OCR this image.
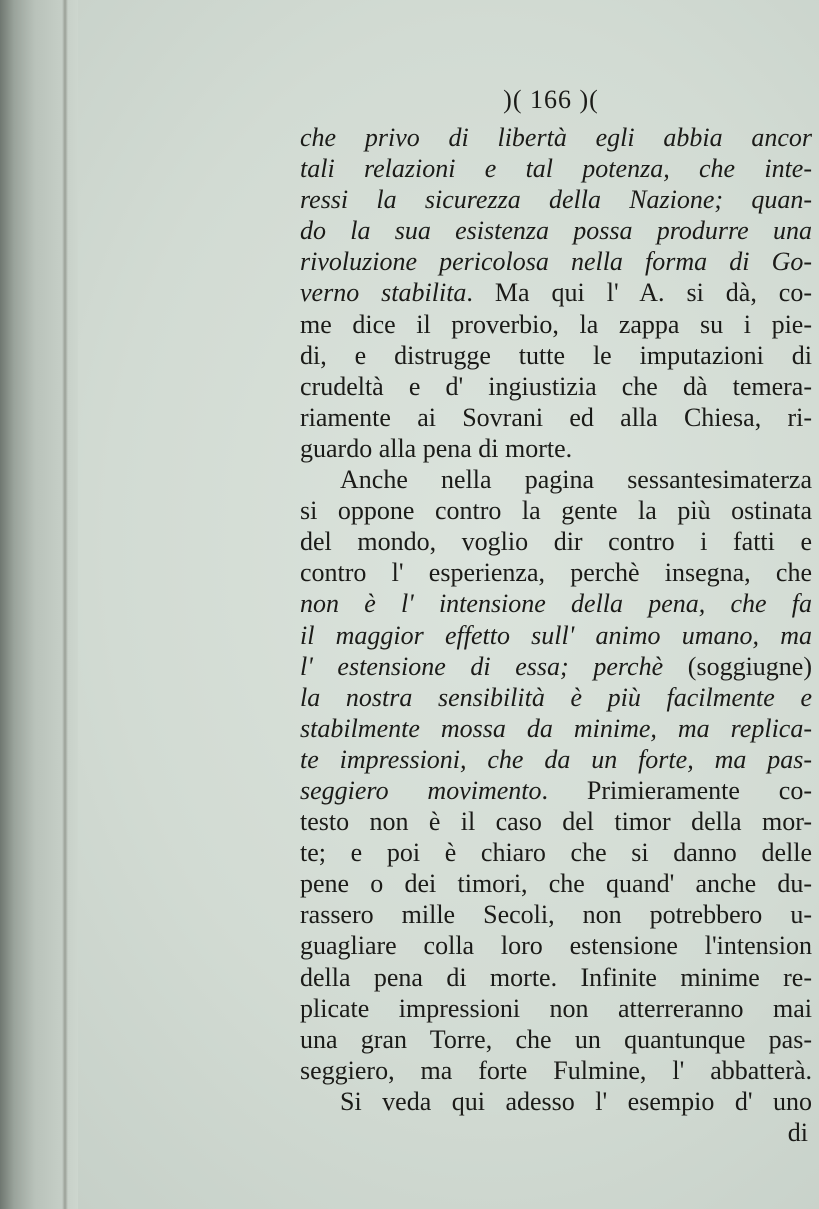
)( 166 )(
che privo di libertà egli abbia ancor
tali relazioni e tal potenza, che inte-
ressi la sicurezza della Nazione; quan-
do la sua esistenza possa produrre una
rivoluzione pericolosa nella forma di Go-
verno stabilita. Ma qui l' A. si dà, co-
me dice il proverbio, la zappa su i pie-
di, e distrugge tutte le imputazioni di
crudeltà e d' ingiustizia che dà temera-
riamente ai Sovrani ed alla Chiesa, ri-
guardo alla pena di morte.
Anche nella pagina sessantesimaterza
si oppone contro la gente la più ostinata
del mondo, voglio dir contro i fatti e
contro l' esperienza, perchè insegna, che
non è l' intensione della pena, che fa
il maggior effetto sull' animo umano, ma
l' estensione di essa; perchè (soggiugne)
la nostra sensibilità è più facilmente e
stabilmente mossa da minime, ma replica-
te impressioni, che da un forte, ma pas-
seggiero movimento. Primieramente co-
testo non è il caso del timor della mor-
te; e poi è chiaro che si danno delle
pene o dei timori, che quand' anche du-
rassero mille Secoli, non potrebbero u-
guagliare colla loro estensione l'intension
della pena di morte. Infinite minime re-
plicate impressioni non atterreranno mai
una gran Torre, che un quantunque pas-
seggiero, ma forte Fulmine, l' abbatterà.
Si veda qui adesso l' esempio d' uno
di
